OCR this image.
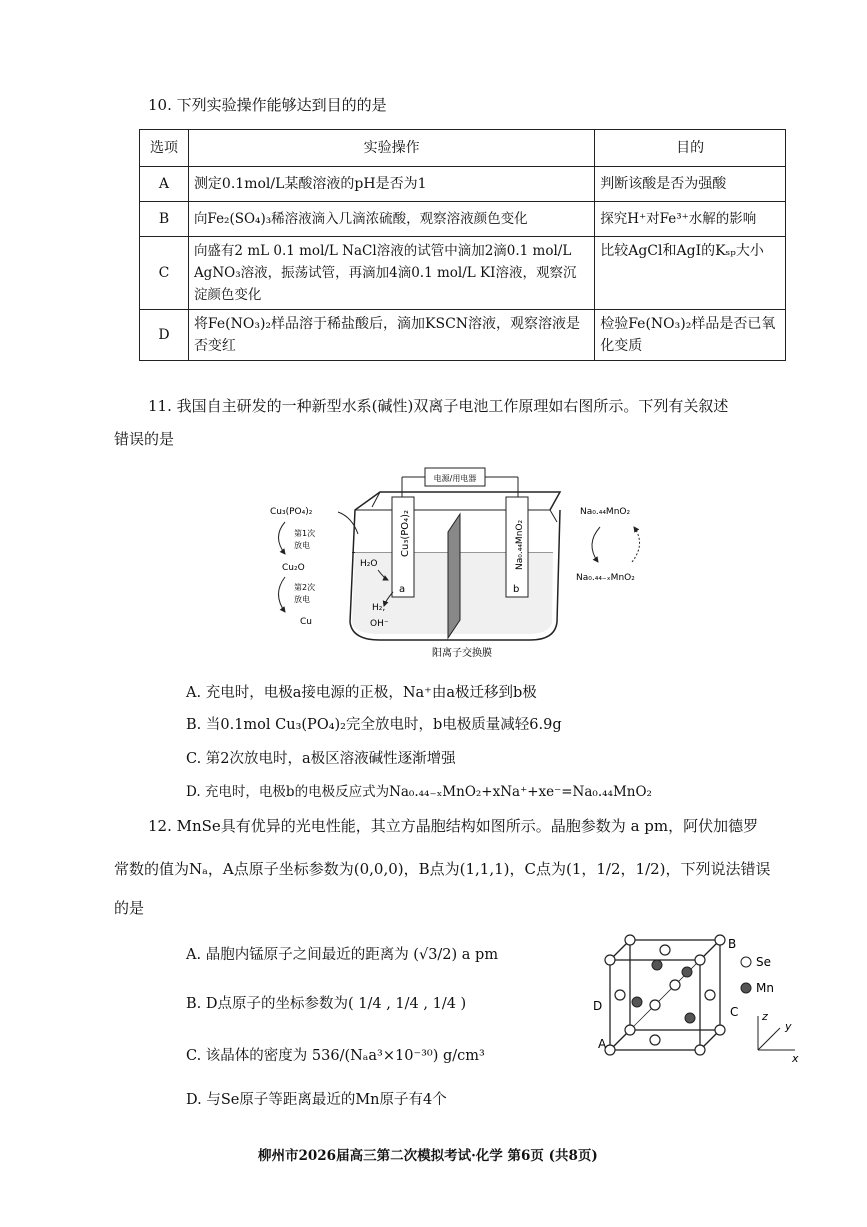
10. 下列实验操作能够达到目的的是
选项	实验操作	目的
A	测定0.1mol/L某酸溶液的pH是否为1	判断该酸是否为强酸
B	向Fe₂(SO₄)₃稀溶液滴入几滴浓硫酸，观察溶液颜色变化	探究H⁺对Fe³⁺水解的影响
C	向盛有2 mL 0.1 mol/L NaCl溶液的试管中滴加2滴0.1 mol/L AgNO₃溶液，振荡试管，再滴加4滴0.1 mol/L KI溶液，观察沉淀颜色变化	比较AgCl和AgI的Kₛₚ大小
D	将Fe(NO₃)₂样品溶于稀盐酸后，滴加KSCN溶液，观察溶液是否变红	检验Fe(NO₃)₂样品是否已氧化变质
11. 我国自主研发的一种新型水系(碱性)双离子电池工作原理如右图所示。下列有关叙述
错误的是
电源/用电器
Cu₃(PO₄)₂	Na₀.₄₄MnO₂
a	b
H₂O
H₂,
OH⁻
阳离子交换膜
Cu₃(PO₄)₂
第1次
放电
Cu₂O
第2次
放电
Cu
Na₀.₄₄MnO₂
Na₀.₄₄₋ₓMnO₂
A. 充电时，电极a接电源的正极，Na⁺由a极迁移到b极
B. 当0.1mol Cu₃(PO₄)₂完全放电时，b电极质量减轻6.9g
C. 第2次放电时，a极区溶液碱性逐渐增强
D. 充电时，电极b的电极反应式为Na₀.₄₄₋ₓMnO₂+xNa⁺+xe⁻=Na₀.₄₄MnO₂
12. MnSe具有优异的光电性能，其立方晶胞结构如图所示。晶胞参数为 a pm，阿伏加德罗
常数的值为Nₐ，A点原子坐标参数为(0,0,0)，B点为(1,1,1)，C点为(1，1/2，1/2)，下列说法错误
的是
A. 晶胞内锰原子之间最近的距离为 (√3/2) a pm
B. D点原子的坐标参数为( 1/4 , 1/4 , 1/4 )
C. 该晶体的密度为 536/(Nₐa³×10⁻³⁰) g/cm³
D. 与Se原子等距离最近的Mn原子有4个
B
C
D
A
Se
Mn
z
y
x
柳州市2026届高三第二次模拟考试·化学 第6页 (共8页)
